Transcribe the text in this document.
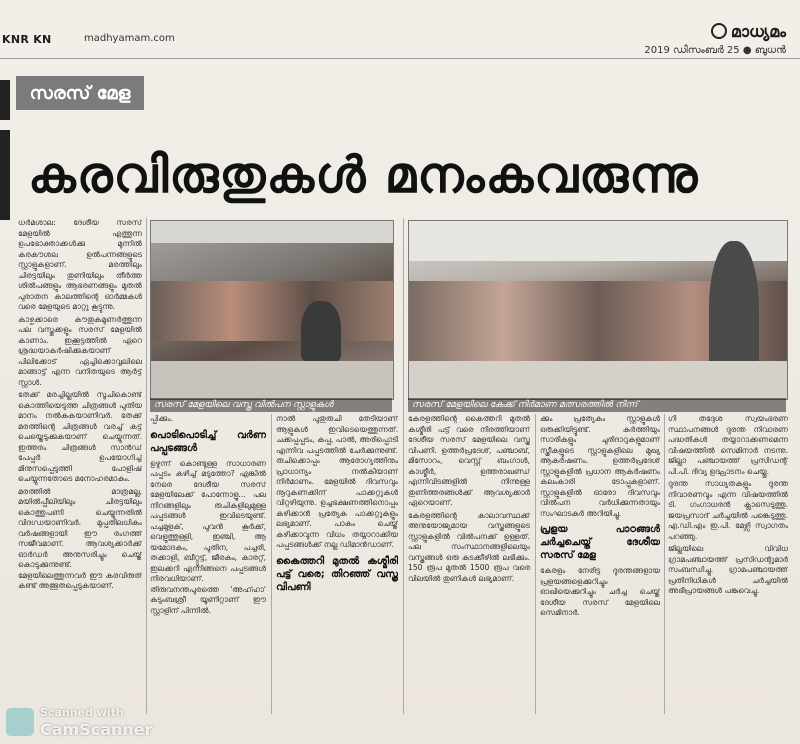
KNR KN	madhyamam.com	മാധ്യമം
2019 ഡിസംബർ 25 ● ബുധൻ
സരസ് മേള
കരവിരുതുകൾ മനംകവരുന്നു
സരസ് മേളയിലെ വസ്ത്ര വിൽപന സ്റ്റാളുകൾ	സരസ് മേളയിലെ കേക്ക് നിർമാണ മത്സരത്തിൽ നിന്ന്

ധർമശാല: ദേശീയ സരസ് മേളയിൽ എത്തുന്ന ഉപഭോക്താക്കൾക്കു മുന്നിൽ കരകൗശല ഉൽപന്നങ്ങളുടെ സ്റ്റാളുകളാണ്. മരത്തിലും ചിരട്ടയിലും തുണിയിലും തീർത്ത ശിൽപങ്ങളും ആഭരണങ്ങളും മുതൽ പുരാതന കാലത്തിന്റെ ഓർമ്മകൾ വരെ മേളയുടെ മാറ്റു കൂട്ടുന്നു.

കാഴ്ചക്കാരെ കൗതുകമുണർത്തുന്ന പല വസ്തുക്കളും സരസ് മേളയിൽ കാണാം. ഇക്കൂട്ടത്തിൽ ഏറെ ശ്രദ്ധയാകർഷിക്കുകയാണ് പിലിക്കോട് ഏച്ചിക്കൊവ്വലിലെ മാങ്ങാട്ട് എന്ന വനിതയുടെ ആർട്ട് സ്റ്റാൾ.

തേക്ക് മരച്ചില്ലയിൽ സൂചികൊണ്ട് കൊത്തിയെടുത്ത ചിത്രങ്ങൾ പുതിയ മാനം നൽകുകയാണിവർ. തേക്ക് മരത്തിന്റെ ചിത്രങ്ങൾ വരച്ച് കട്ട് ചെയ്തെടുക്കുകയാണ് ചെയ്യുന്നത്. ഇത്തരം ചിത്രങ്ങൾ സാൻഡ് പേപ്പർ ഉപയോഗിച്ച് മിനുസപ്പെടുത്തി പോളിഷ് ചെയ്യുന്നതോടെ മനോഹരമാകും.

മരത്തിൽ മാത്രമല്ല, മയിൽപ്പീലിയിലും ചിരട്ടയിലും കൊത്തുപണി ചെയ്യുന്നതിൽ വിദഗ്ധയാണിവർ. മുപ്പതിലധികം വർഷങ്ങളായി ഈ രംഗത്ത് സജീവമാണ്. ആവശ്യക്കാർക്ക് ഓർഡർ അനുസരിച്ചും ചെയ്ത് കൊടുക്കുന്നുണ്ട്. മേളയിലെത്തുന്നവർ ഈ കരവിരുത് കണ്ട് അത്ഭുതപ്പെടുകയാണ്.

പ്പിക്കും.

പൊടിപൊടിച്ച് വർണ പപ്പടങ്ങൾ

ഉഴുന്ന് കൊണ്ടുള്ള സാധാരണ പപ്പടം കഴിച്ച് മടുത്തോ? എങ്കിൽ നേരെ ദേശീയ സരസ് മേളയിലേക്ക് പോന്നോളൂ... പല നിറങ്ങളിലും രുചികളിലുമുള്ള പപ്പടങ്ങൾ ഇവിടെയുണ്ട്. പച്ചമുളക്, പുവൻ കൂർക്ക്, വെളുത്തുള്ളി, ഇഞ്ചി, ആ യമോദകം, പുതിന, പച്ചരി, തക്കാളി, ബീറ്റ്റൂട്ട്, ജീരകം, കാരറ്റ്, ഇലക്കറി എന്നിങ്ങനെ പപ്പടങ്ങൾ നിരവധിയാണ്. തിരുവനന്തപുരത്തെ 'അഹ്ഹാ' കുടുംബശ്രീ യൂണിറ്റാണ് ഈ സ്റ്റാളിന് പിന്നിൽ.

നാൽ പുതുരുചി തേടിയാണ് ആളുകൾ ഇവിടെയെത്തുന്നത്. ചക്കപ്പപ്പടം, കപ്പ, പാൽ, അരിപ്പൊടി എന്നിവ പപ്പടത്തിൽ ചേർക്കുന്നുണ്ട്. രുചിക്കൊപ്പം ആരോഗ്യത്തിനും പ്രാധാന്യം നൽകിയാണ് നിർമാണം. മേളയിൽ ദിവസവും നൂറുകണക്കിന് പാക്കറ്റുകൾ വിറ്റഴിയുന്നു. ഉച്ചഭക്ഷണത്തിനൊപ്പം കഴിക്കാൻ പ്രത്യേക പാക്കറ്റുകളും ലഭ്യമാണ്. പാകം ചെയ്ത് കഴിക്കാവുന്ന വിധം തയ്യാറാക്കിയ പപ്പടങ്ങൾക്ക് നല്ല ഡിമാൻഡാണ്.

കൈത്തറി മുതൽ കശ്മീരി പട്ട് വരെ; തിറഞ്ഞ് വസ്ത്ര വിപണി

കേരളത്തിന്റെ കൈത്തറി മുതൽ കശ്മീരി പട്ട് വരെ നിരത്തിയാണ് ദേശീയ സരസ് മേളയിലെ വസ്ത്ര വിപണി. ഉത്തർപ്രദേശ്, പഞ്ചാബ്, മിസോറം, വെസ്റ്റ് ബംഗാൾ, കാശ്മീർ, ഉത്തരാഖണ്ഡ് എന്നിവിടങ്ങളിൽ നിന്നുള്ള തുണിത്തരങ്ങൾക്ക് ആവശ്യക്കാർ ഏറെയാണ്.

കേരളത്തിന്റെ കാലാവസ്ഥക്ക് അനുയോജ്യമായ വസ്ത്രങ്ങളുടെ സ്റ്റാളുകളിൽ വിൽപനക്ക് ഉള്ളത്. പല സംസ്ഥാനങ്ങളിലെയും വസ്ത്രങ്ങൾ ഒരു കുടക്കീഴിൽ ലഭിക്കും. 150 രൂപ മുതൽ 1500 രൂപ വരെ വിലയിൽ തുണികൾ ലഭ്യമാണ്.

ക്കും പ്രത്യേകം സ്റ്റാളുകൾ ഒരുക്കിയിട്ടുണ്ട്. കുർത്തിയും സാരികളും ചുരിദാറുകളുമാണ് സ്ത്രീകളുടെ സ്റ്റാളുകളിലെ മുഖ്യ ആകർഷണം. ഉത്തർപ്രദേശ് സ്റ്റാളുകളിൽ പ്രധാന ആകർഷണം കലംകാരി ടോപ്പുകളാണ്. സ്റ്റാളുകളിൽ ഓരോ ദിവസവും വിൽപന വർധിക്കുന്നതായും സംഘാടകർ അറിയിച്ചു.

പ്രളയ പാഠങ്ങൾ ചർച്ചചെയ്ത് ദേശീയ സരസ് മേള

കേരളം നേരിട്ട ദുരന്തങ്ങളായ പ്രളയങ്ങളെക്കുറിച്ചും ഓഖിയെക്കുറിച്ചും ചർച്ച ചെയ്ത് ദേശീയ സരസ് മേളയിലെ സെമിനാർ.

ഗി തദ്ദേശ സ്വയംഭരണ സ്ഥാപനങ്ങൾ ദുരന്ത നിവാരണ പദ്ധതികൾ തയ്യാറാക്കണമെന്ന വിഷയത്തിൽ സെമിനാർ നടന്നു. ജില്ലാ പഞ്ചായത്ത് പ്രസിഡന്റ് പി.പി. ദിവ്യ ഉദ്ഘാടനം ചെയ്തു.

ദുരന്ത സാധ്യതകളും ദുരന്ത നിവാരണവും എന്ന വിഷയത്തിൽ ടി. ഗംഗാധരൻ ക്ലാസെടുത്തു. ജയപ്രസാദ് ചർച്ചയിൽ പങ്കെടുത്തു. എ.ഡി.എം ഇ.പി. മേഴ്സി സ്വാഗതം പറഞ്ഞു.

ജില്ലയിലെ വിവിധ ഗ്രാമപഞ്ചായത്ത് പ്രസിഡന്റുമാർ സംബന്ധിച്ചു. ഗ്രാമപഞ്ചായത്ത് പ്രതിനിധികൾ ചർച്ചയിൽ അഭിപ്രായങ്ങൾ പങ്കുവെച്ചു.

Scanned with
CamScanner
